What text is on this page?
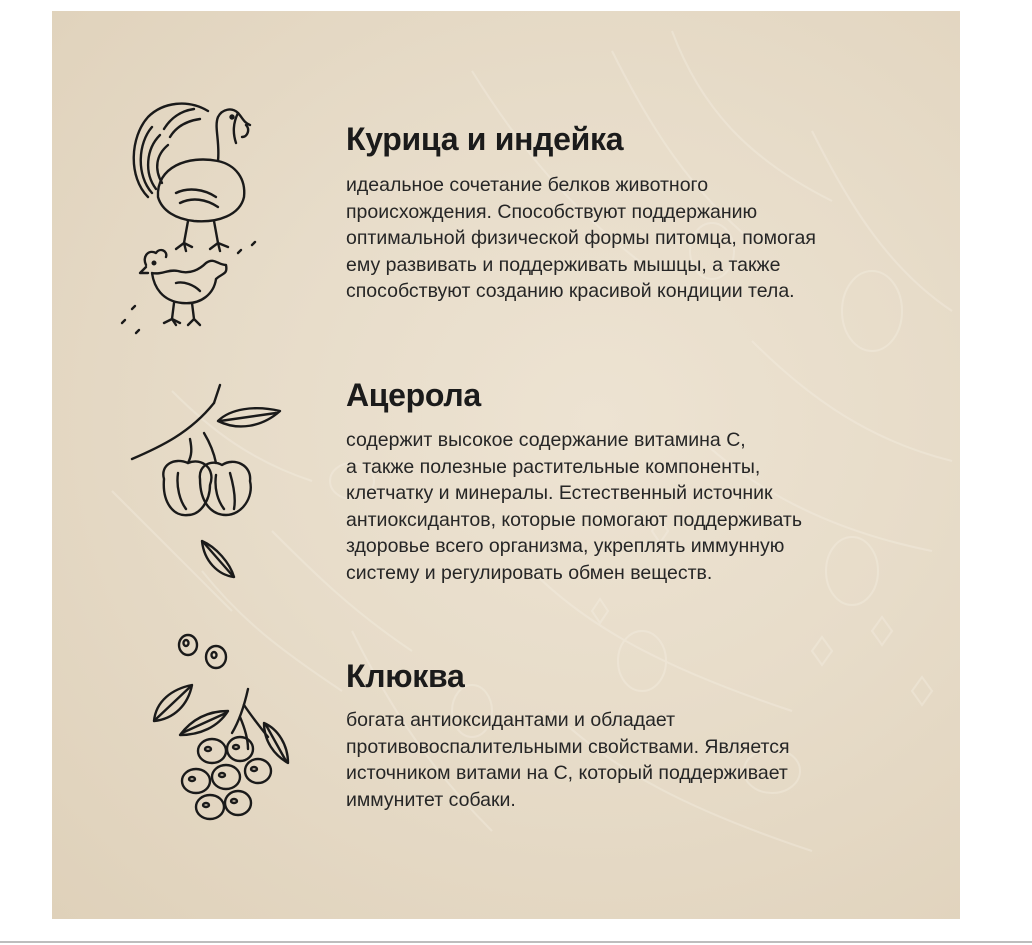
Курица и индейка
идеальное сочетание белков животного
происхождения. Способствуют поддержанию
оптимальной физической формы питомца, помогая
ему развивать и поддерживать мышцы, а также
способствуют созданию красивой кондиции тела.
Ацерола
содержит высокое содержание витамина С,
а также полезные растительные компоненты,
клетчатку и минералы. Естественный источник
антиоксидантов, которые помогают поддерживать
здоровье всего организма, укреплять иммунную
систему и регулировать обмен веществ.
Клюква
богата антиоксидантами и обладает
противовоспалительными свойствами. Является
источником витами на С, который поддерживает
иммунитет собаки.
